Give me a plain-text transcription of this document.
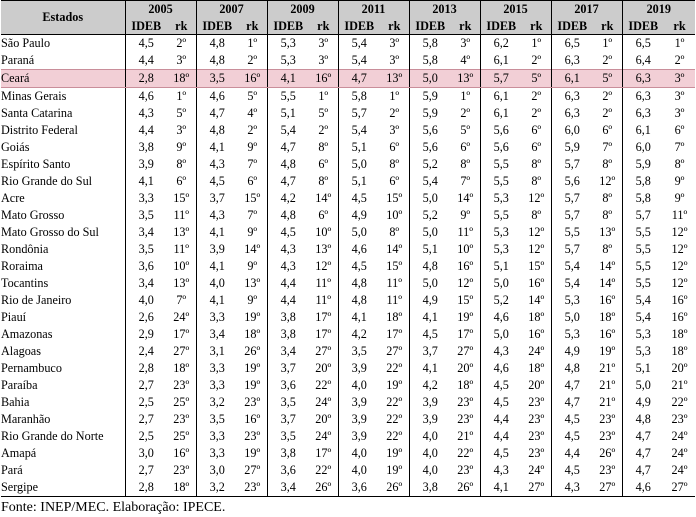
Estados	2005		2007		2009		2011		2013		2015		2017		2019	
	IDEB	rk	IDEB	rk	IDEB	rk	IDEB	rk	IDEB	rk	IDEB	rk	IDEB	rk	IDEB	rk
São Paulo	4,5	2º	4,8	1º	5,3	3º	5,4	3º	5,8	3º	6,2	1º	6,5	1º	6,5	1º
Paraná	4,4	3º	4,8	2º	5,3	3º	5,4	3º	5,8	4º	6,1	2º	6,3	2º	6,4	2º
Ceará	2,8	18º	3,5	16º	4,1	16º	4,7	13º	5,0	13º	5,7	5º	6,1	5º	6,3	3º
Minas Gerais	4,6	1º	4,6	5º	5,5	1º	5,8	1º	5,9	1º	6,1	2º	6,3	2º	6,3	3º
Santa Catarina	4,3	5º	4,7	4º	5,1	5º	5,7	2º	5,9	2º	6,1	2º	6,3	2º	6,3	3º
Distrito Federal	4,4	3º	4,8	2º	5,4	2º	5,4	3º	5,6	5º	5,6	6º	6,0	6º	6,1	6º
Goiás	3,8	9º	4,1	9º	4,7	8º	5,1	6º	5,6	6º	5,6	6º	5,9	7º	6,0	7º
Espírito Santo	3,9	8º	4,3	7º	4,8	6º	5,0	8º	5,2	8º	5,5	8º	5,7	8º	5,9	8º
Rio Grande do Sul	4,1	6º	4,5	6º	4,7	8º	5,1	6º	5,4	7º	5,5	8º	5,6	12º	5,8	9º
Acre	3,3	15º	3,7	15º	4,2	14º	4,5	15º	5,0	14º	5,3	12º	5,7	8º	5,8	9º
Mato Grosso	3,5	11º	4,3	7º	4,8	6º	4,9	10º	5,2	9º	5,5	8º	5,7	8º	5,7	11º
Mato Grosso do Sul	3,4	13º	4,1	9º	4,5	10º	5,0	8º	5,0	11º	5,3	12º	5,5	13º	5,5	12º
Rondônia	3,5	11º	3,9	14º	4,3	13º	4,6	14º	5,1	10º	5,3	12º	5,7	8º	5,5	12º
Roraima	3,6	10º	4,1	9º	4,3	12º	4,5	15º	4,8	16º	5,1	15º	5,4	14º	5,5	12º
Tocantins	3,4	13º	4,0	13º	4,4	11º	4,8	11º	5,0	12º	5,0	16º	5,4	14º	5,5	12º
Rio de Janeiro	4,0	7º	4,1	9º	4,4	11º	4,8	11º	4,9	15º	5,2	14º	5,3	16º	5,4	16º
Piauí	2,6	24º	3,3	19º	3,8	17º	4,1	18º	4,1	19º	4,6	18º	5,0	18º	5,4	16º
Amazonas	2,9	17º	3,4	18º	3,8	17º	4,2	17º	4,5	17º	5,0	16º	5,3	16º	5,3	18º
Alagoas	2,4	27º	3,1	26º	3,4	27º	3,5	27º	3,7	27º	4,3	24º	4,9	19º	5,3	18º
Pernambuco	2,8	18º	3,3	19º	3,7	20º	3,9	22º	4,1	20º	4,6	18º	4,8	21º	5,1	20º
Paraíba	2,7	23º	3,3	19º	3,6	22º	4,0	19º	4,2	18º	4,5	20º	4,7	21º	5,0	21º
Bahia	2,5	25º	3,2	23º	3,5	24º	3,9	22º	3,9	23º	4,5	23º	4,7	21º	4,9	22º
Maranhão	2,7	23º	3,5	16º	3,7	20º	3,9	22º	3,9	23º	4,4	23º	4,5	23º	4,8	23º
Rio Grande do Norte	2,5	25º	3,3	23º	3,5	24º	3,9	22º	4,0	21º	4,4	23º	4,5	23º	4,7	24º
Amapá	3,0	16º	3,3	19º	3,8	17º	4,0	19º	4,0	22º	4,5	23º	4,4	26º	4,7	24º
Pará	2,7	23º	3,0	27º	3,6	22º	4,0	19º	4,0	23º	4,3	24º	4,5	23º	4,7	24º
Sergipe	2,8	18º	3,2	23º	3,4	26º	3,6	26º	3,8	26º	4,1	27º	4,3	27º	4,6	27º
Fonte: INEP/MEC. Elaboração: IPECE.
